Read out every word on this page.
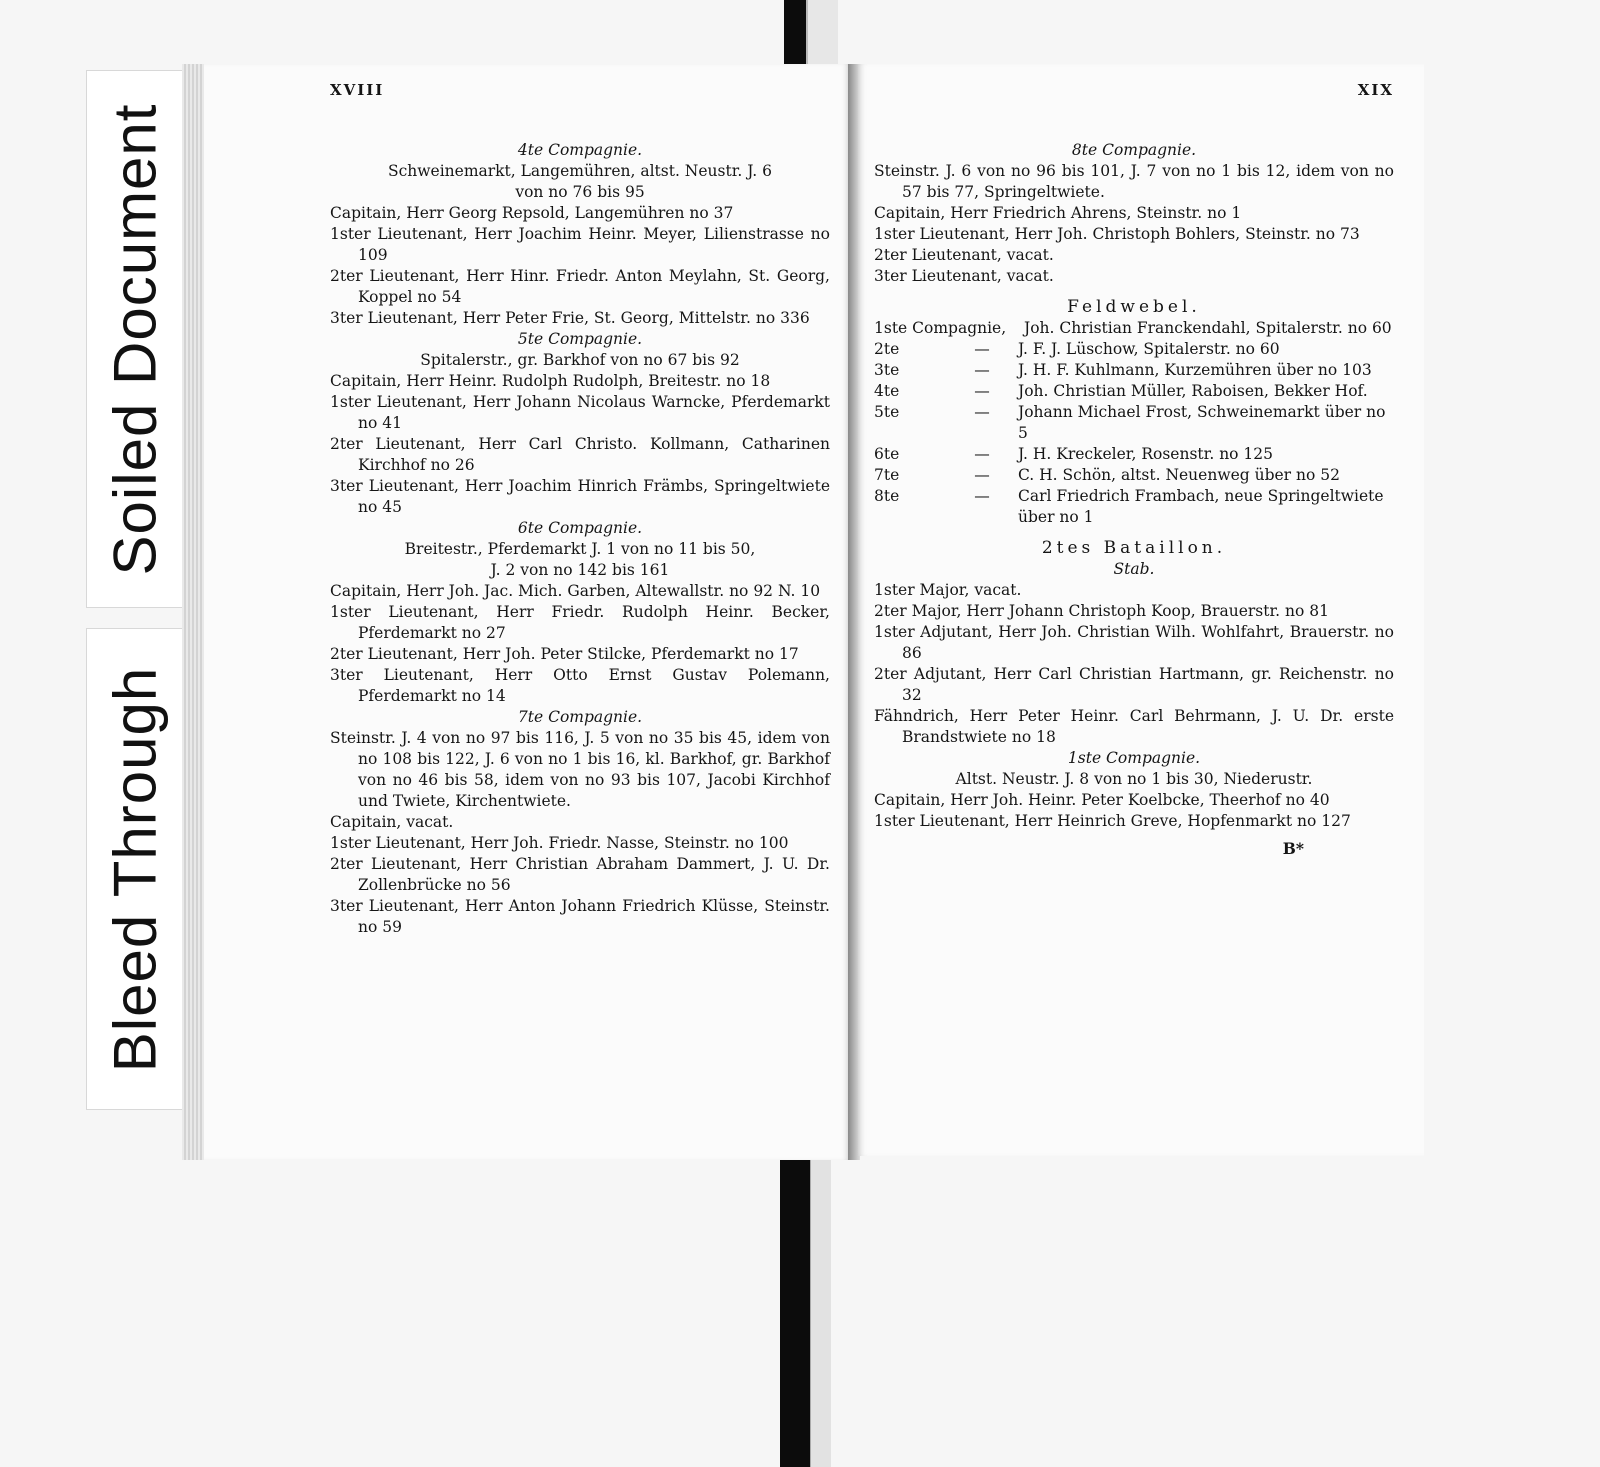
Soiled Document
Bleed Through
XVIII
4te Compagnie.
Schweinemarkt, Langemühren, altst. Neustr. J. 6
von no 76 bis 95
Capitain, Herr Georg Repsold, Langemühren no 37
1ster Lieutenant, Herr Joachim Heinr. Meyer, Lilienstrasse no 109
2ter Lieutenant, Herr Hinr. Friedr. Anton Meylahn, St. Georg, Koppel no 54
3ter Lieutenant, Herr Peter Frie, St. Georg, Mittelstr. no 336
5te Compagnie.
Spitalerstr., gr. Barkhof von no 67 bis 92
Capitain, Herr Heinr. Rudolph Rudolph, Breitestr. no 18
1ster Lieutenant, Herr Johann Nicolaus Warncke, Pferdemarkt no 41
2ter Lieutenant, Herr Carl Christo. Kollmann, Catharinen Kirchhof no 26
3ter Lieutenant, Herr Joachim Hinrich Främbs, Springeltwiete no 45
6te Compagnie.
Breitestr., Pferdemarkt J. 1 von no 11 bis 50,
J. 2 von no 142 bis 161
Capitain, Herr Joh. Jac. Mich. Garben, Altewallstr. no 92 N. 10
1ster Lieutenant, Herr Friedr. Rudolph Heinr. Becker, Pferdemarkt no 27
2ter Lieutenant, Herr Joh. Peter Stilcke, Pferdemarkt no 17
3ter Lieutenant, Herr Otto Ernst Gustav Polemann, Pferdemarkt no 14
7te Compagnie.
Steinstr. J. 4 von no 97 bis 116, J. 5 von no 35 bis 45, idem von no 108 bis 122, J. 6 von no 1 bis 16, kl. Barkhof, gr. Barkhof von no 46 bis 58, idem von no 93 bis 107, Jacobi Kirchhof und Twiete, Kirchentwiete.
Capitain, vacat.
1ster Lieutenant, Herr Joh. Friedr. Nasse, Steinstr. no 100
2ter Lieutenant, Herr Christian Abraham Dammert, J. U. Dr. Zollenbrücke no 56
3ter Lieutenant, Herr Anton Johann Friedrich Klüsse, Steinstr. no 59
XIX
8te Compagnie.
Steinstr. J. 6 von no 96 bis 101, J. 7 von no 1 bis 12, idem von no 57 bis 77, Springeltwiete.
Capitain, Herr Friedrich Ahrens, Steinstr. no 1
1ster Lieutenant, Herr Joh. Christoph Bohlers, Steinstr. no 73
2ter Lieutenant, vacat.
3ter Lieutenant, vacat.
Feldwebel.
1ste Compagnie,	Joh. Christian Franckendahl, Spitalerstr. no 60
2te	—	J. F. J. Lüschow, Spitalerstr. no 60
3te	—	J. H. F. Kuhlmann, Kurzemühren über no 103
4te	—	Joh. Christian Müller, Raboisen, Bekker Hof.
5te	—	Johann Michael Frost, Schweinemarkt über no 5
6te	—	J. H. Kreckeler, Rosenstr. no 125
7te	—	C. H. Schön, altst. Neuenweg über no 52
8te	—	Carl Friedrich Frambach, neue Springeltwiete über no 1
2tes Bataillon.
Stab.
1ster Major, vacat.
2ter Major, Herr Johann Christoph Koop, Brauerstr. no 81
1ster Adjutant, Herr Joh. Christian Wilh. Wohlfahrt, Brauerstr. no 86
2ter Adjutant, Herr Carl Christian Hartmann, gr. Reichenstr. no 32
Fähndrich, Herr Peter Heinr. Carl Behrmann, J. U. Dr. erste Brandstwiete no 18
1ste Compagnie.
Altst. Neustr. J. 8 von no 1 bis 30, Niederustr.
Capitain, Herr Joh. Heinr. Peter Koelbcke, Theerhof no 40
1ster Lieutenant, Herr Heinrich Greve, Hopfenmarkt no 127
B*
